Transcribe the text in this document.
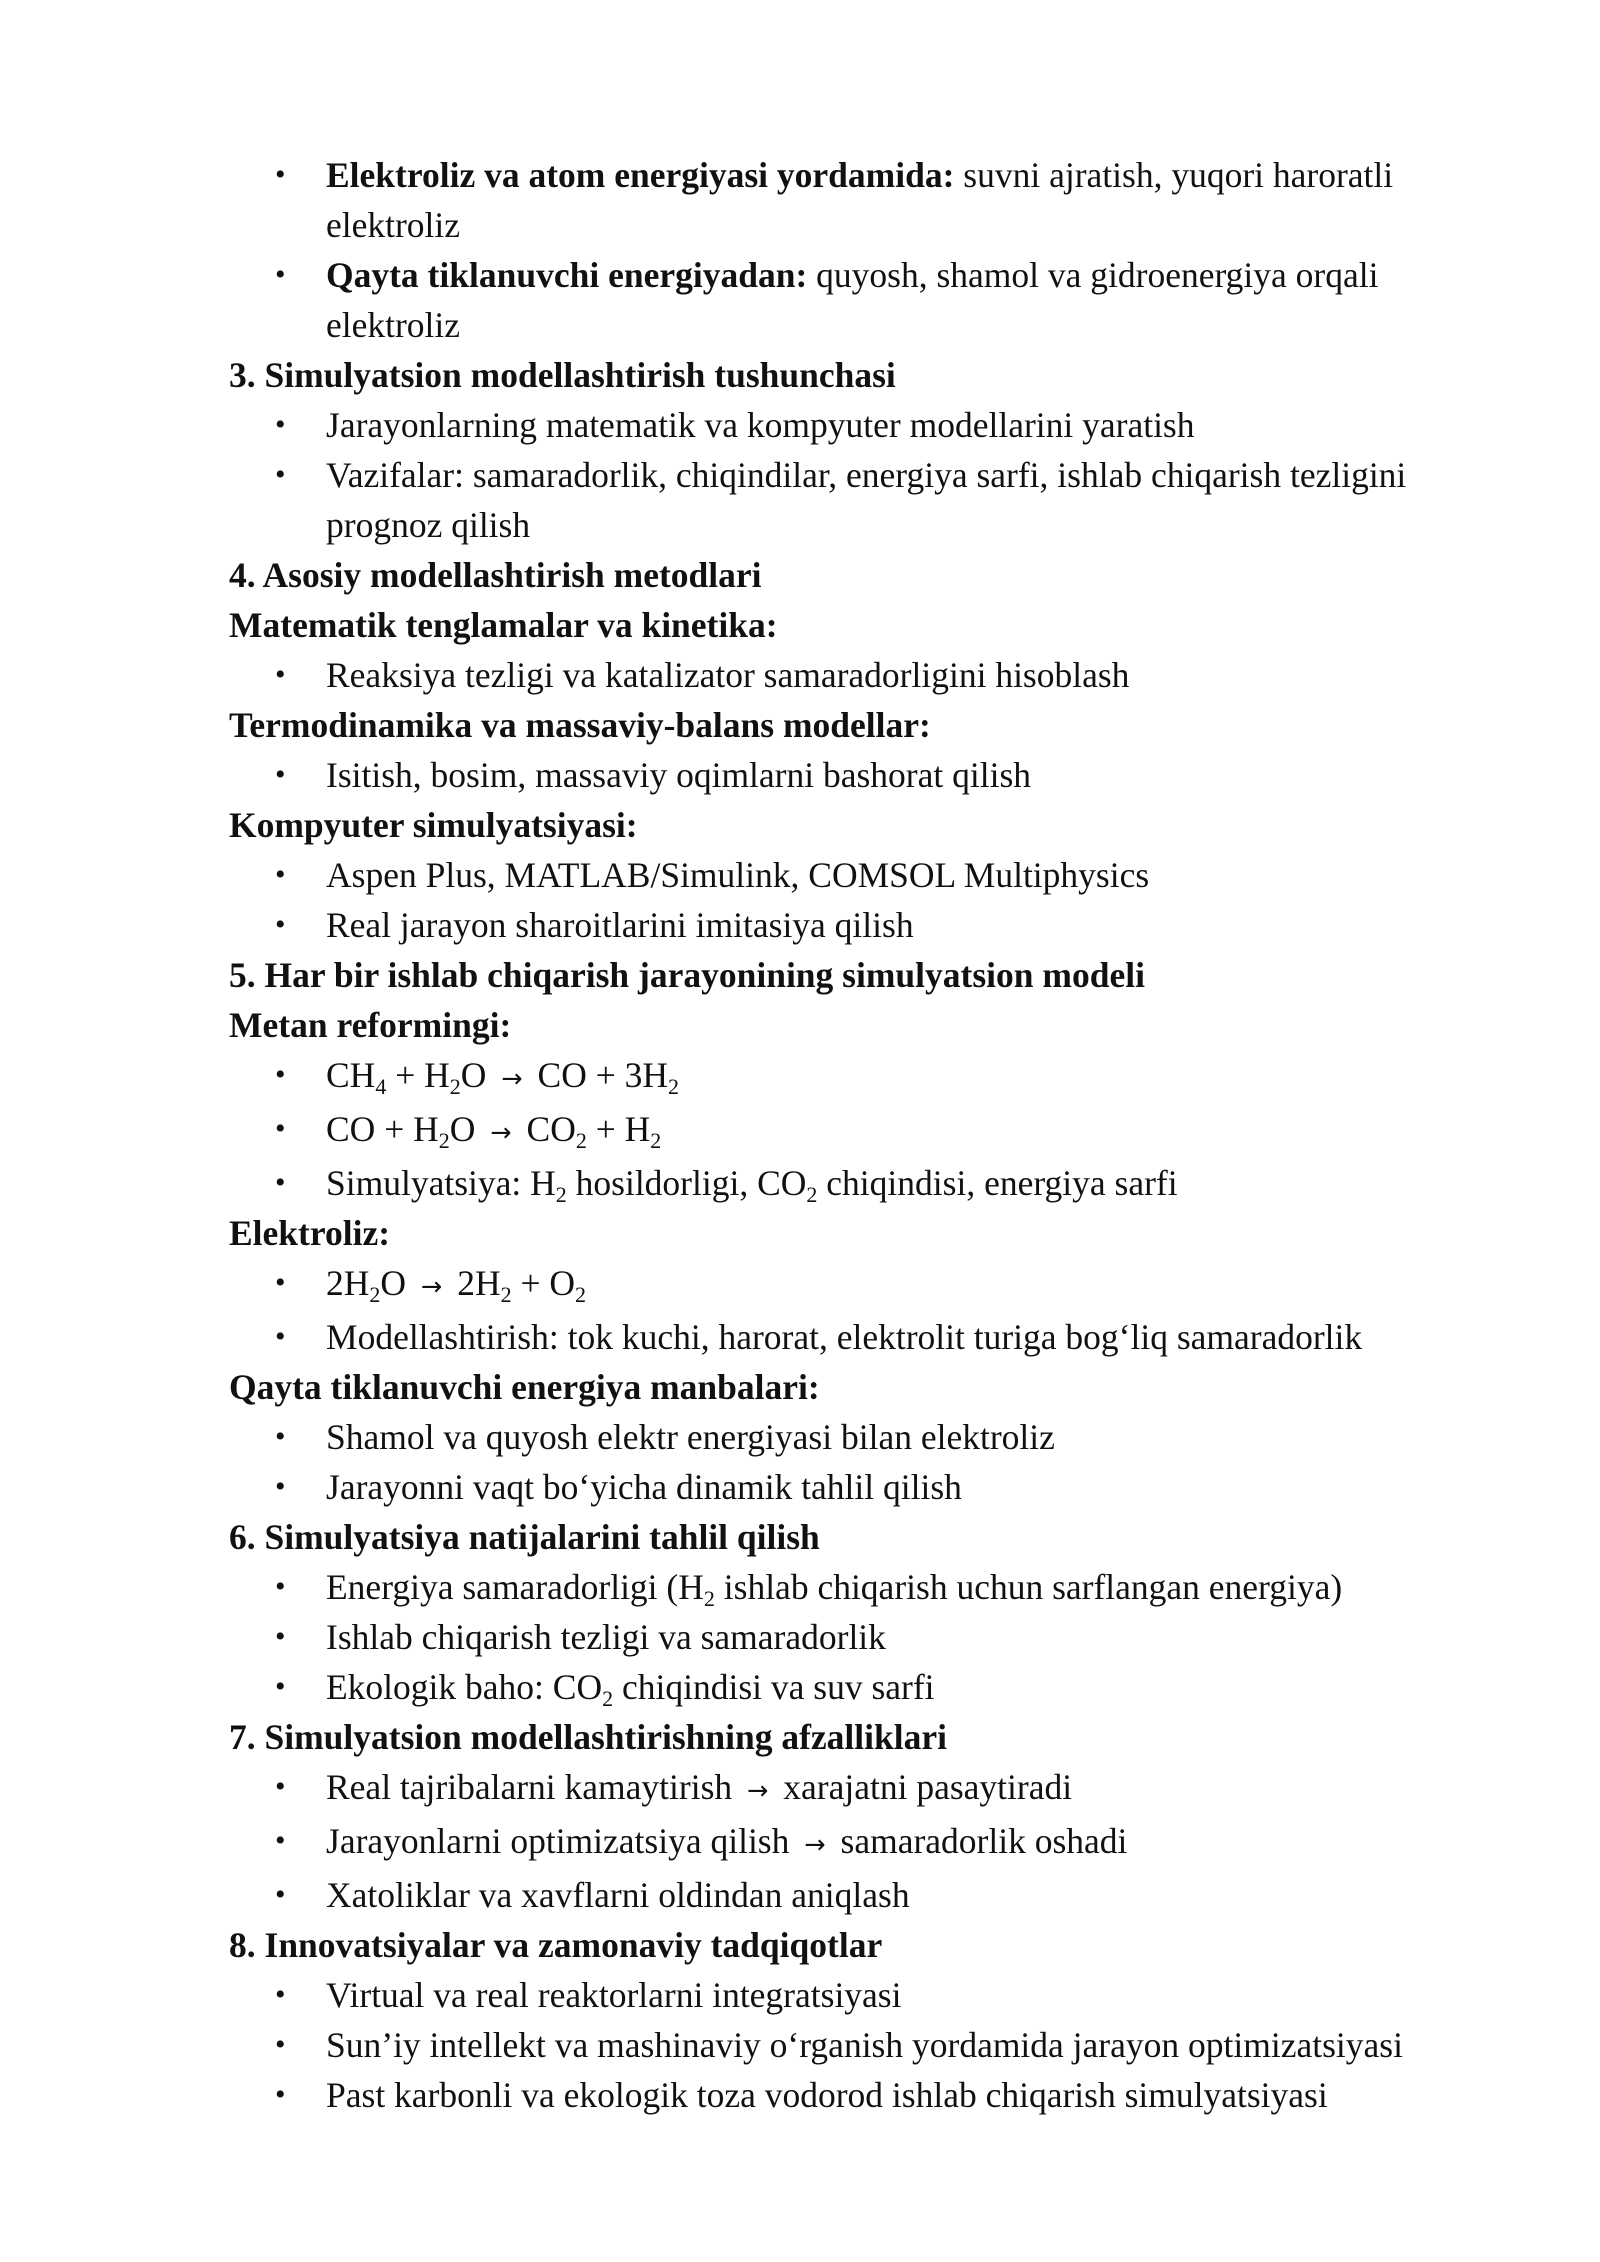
• Elektroliz va atom energiyasi yordamida: suvni ajratish, yuqori haroratli
elektroliz
• Qayta tiklanuvchi energiyadan: quyosh, shamol va gidroenergiya orqali
elektroliz
3. Simulyatsion modellashtirish tushunchasi
• Jarayonlarning matematik va kompyuter modellarini yaratish
• Vazifalar: samaradorlik, chiqindilar, energiya sarfi, ishlab chiqarish tezligini
prognoz qilish
4. Asosiy modellashtirish metodlari
Matematik tenglamalar va kinetika:
• Reaksiya tezligi va katalizator samaradorligini hisoblash
Termodinamika va massaviy-balans modellar:
• Isitish, bosim, massaviy oqimlarni bashorat qilish
Kompyuter simulyatsiyasi:
• Aspen Plus, MATLAB/Simulink, COMSOL Multiphysics
• Real jarayon sharoitlarini imitasiya qilish
5. Har bir ishlab chiqarish jarayonining simulyatsion modeli
Metan reformingi:
• $CH_4 + H_2O$ → CO + $3H_2$
• CO + $H_2O \to CO_2 + H_2$
• Simulyatsiya: $H_2$ hosildorligi, $CO_2$ chiqindisi, energiya sarfi
Elektroliz:
• $2H_2O \to 2H_2 + O_2$
• Modellashtirish: tok kuchi, harorat, elektrolit turiga bog‘liq samaradorlik
Qayta tiklanuvchi energiya manbalari:
• Shamol va quyosh elektr energiyasi bilan elektroliz
• Jarayonni vaqt bo‘yicha dinamik tahlil qilish
6. Simulyatsiya natijalarini tahlil qilish
• Energiya samaradorligi ($H_2$ ishlab chiqarish uchun sarflangan energiya)
• Ishlab chiqarish tezligi va samaradorlik
• Ekologik baho: $CO_2$ chiqindisi va suv sarfi
7. Simulyatsion modellashtirishning afzalliklari
• Real tajribalarni kamaytirish → xarajatni pasaytiradi
• Jarayonlarni optimizatsiya qilish → samaradorlik oshadi
• Xatoliklar va xavflarni oldindan aniqlash
8. Innovatsiyalar va zamonaviy tadqiqotlar
• Virtual va real reaktorlarni integratsiyasi
• Sun’iy intellekt va mashinaviy o‘rganish yordamida jarayon optimizatsiyasi
• Past karbonli va ekologik toza vodorod ishlab chiqarish simulyatsiyasi
